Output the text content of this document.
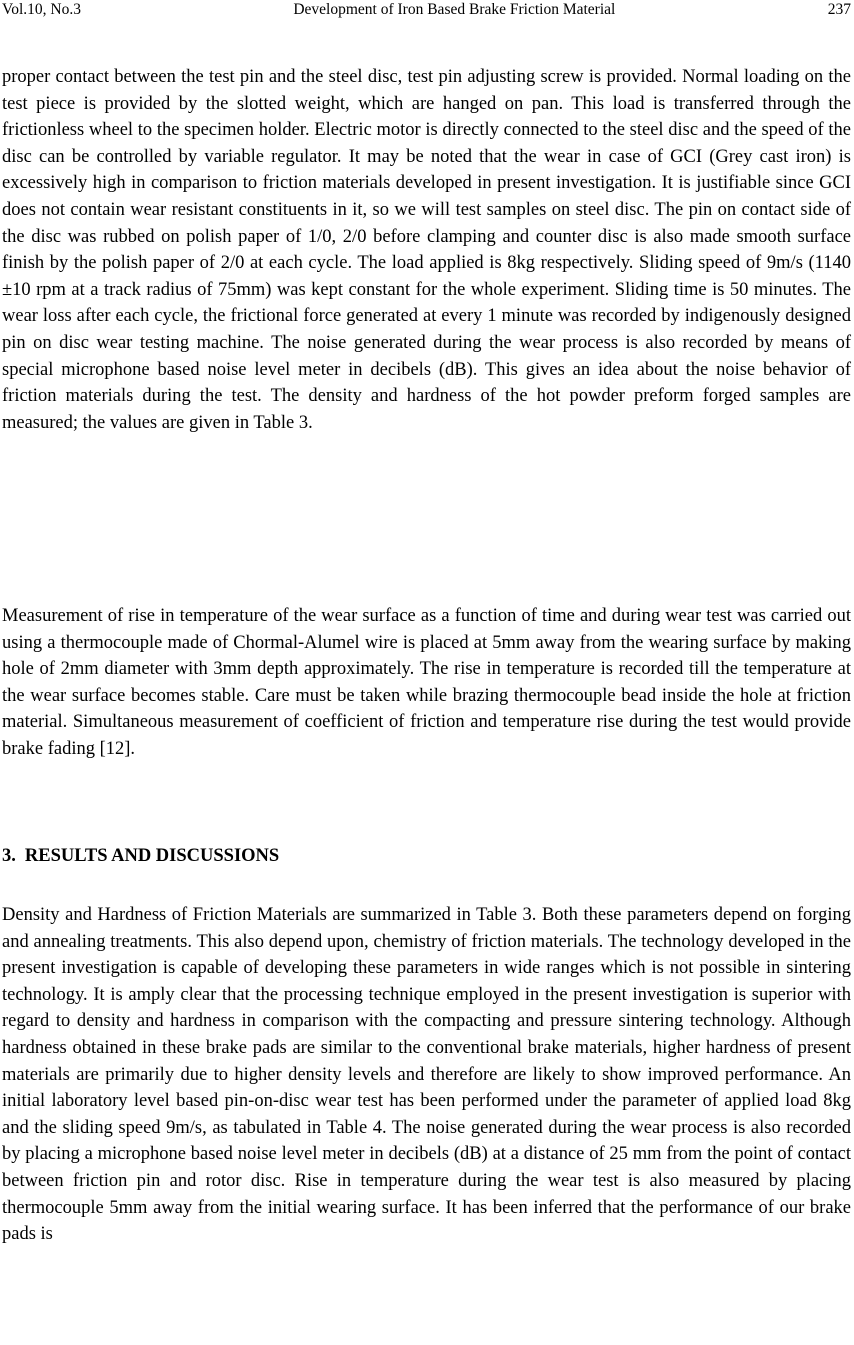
Vol.10, No.3	Development of Iron Based Brake Friction Material	237

proper contact between the test pin and the steel disc, test pin adjusting screw is provided. Normal loading on the test piece is provided by the slotted weight, which are hanged on pan. This load is transferred through the frictionless wheel to the specimen holder. Electric motor is directly connected to the steel disc and the speed of the disc can be controlled by variable regulator. It may be noted that the wear in case of GCI (Grey cast iron) is excessively high in comparison to friction materials developed in present investigation. It is justifiable since GCI does not contain wear resistant constituents in it, so we will test samples on steel disc. The pin on contact side of the disc was rubbed on polish paper of 1/0, 2/0 before clamping and counter disc is also made smooth surface finish by the polish paper of 2/0 at each cycle. The load applied is 8kg respectively. Sliding speed of 9m/s (1140 ±10 rpm at a track radius of 75mm) was kept constant for the whole experiment. Sliding time is 50 minutes. The wear loss after each cycle, the frictional force generated at every 1 minute was recorded by indigenously designed pin on disc wear testing machine. The noise generated during the wear process is also recorded by means of special microphone based noise level meter in decibels (dB). This gives an idea about the noise behavior of friction materials during the test. The density and hardness of the hot powder preform forged samples are measured; the values are given in Table 3.

Measurement of rise in temperature of the wear surface as a function of time and during wear test was carried out using a thermocouple made of Chormal-Alumel wire is placed at 5mm away from the wearing surface by making hole of 2mm diameter with 3mm depth approximately. The rise in temperature is recorded till the temperature at the wear surface becomes stable. Care must be taken while brazing thermocouple bead inside the hole at friction material. Simultaneous measurement of coefficient of friction and temperature rise during the test would provide brake fading [12].

3. RESULTS AND DISCUSSIONS

Density and Hardness of Friction Materials are summarized in Table 3. Both these parameters depend on forging and annealing treatments. This also depend upon, chemistry of friction materials. The technology developed in the present investigation is capable of developing these parameters in wide ranges which is not possible in sintering technology. It is amply clear that the processing technique employed in the present investigation is superior with regard to density and hardness in comparison with the compacting and pressure sintering technology. Although hardness obtained in these brake pads are similar to the conventional brake materials, higher hardness of present materials are primarily due to higher density levels and therefore are likely to show improved performance. An initial laboratory level based pin-on-disc wear test has been performed under the parameter of applied load 8kg and the sliding speed 9m/s, as tabulated in Table 4. The noise generated during the wear process is also recorded by placing a microphone based noise level meter in decibels (dB) at a distance of 25 mm from the point of contact between friction pin and rotor disc. Rise in temperature during the wear test is also measured by placing thermocouple 5mm away from the initial wearing surface. It has been inferred that the performance of our brake pads is
